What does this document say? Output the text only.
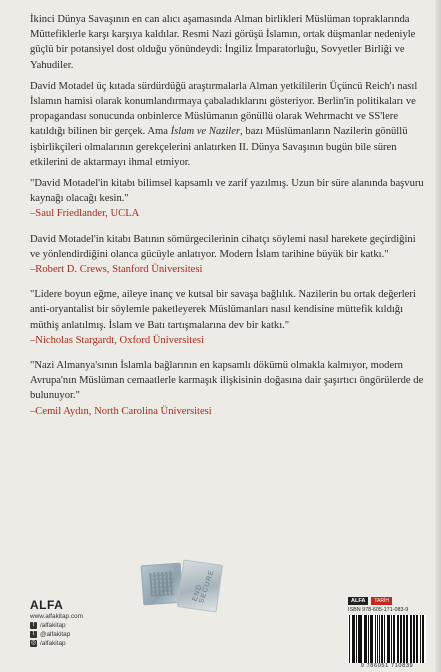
İkinci Dünya Savaşının en can alıcı aşamasında Alman birlikleri Müslüman topraklarında Müttefiklerle karşı karşıya kaldılar. Resmi Nazi görüşü İslamın, ortak düşmanlar nedeniyle güçlü bir potansiyel dost olduğu yönündeydi: İngiliz İmparatorluğu, Sovyetler Birliği ve Yahudiler.

David Motadel üç kıtada sürdürdüğü araştırmalarla Alman yetkililerin Üçüncü Reich'ı nasıl İslamın hamisi olarak konumlandırmaya çabaladıklarını gösteriyor. Berlin'in politikaları ve propagandası sonucunda onbinlerce Müslümanın gönüllü olarak Wehrmacht ve SS'lere katıldığı bilinen bir gerçek. Ama İslam ve Naziler, bazı Müslümanların Nazilerin gönüllü işbirlikçileri olmalarının gerekçelerini anlatırken II. Dünya Savaşının bugün bile süren etkilerini de aktarmayı ihmal etmiyor.

"David Motadel'in kitabı bilimsel kapsamlı ve zarif yazılmış. Uzun bir süre alanında başvuru kaynağı olacağı kesin."

–Saul Friedlander, UCLA

David Motadel'in kitabı Batının sömürgecilerinin cihatçı söylemi nasıl harekete geçirdiğini ve yönlendirdiğini olanca gücüyle anlatıyor. Modern İslam tarihine büyük bir katkı."

–Robert D. Crews, Stanford Üniversitesi

"Lidere boyun eğme, aileye inanç ve kutsal bir savaşa bağlılık. Nazilerin bu ortak değerleri anti-oryantalist bir söylemle paketleyerek Müslümanları nasıl kendisine müttefik kıldığı müthiş anlatılmış. İslam ve Batı tartışmalarına dev bir katkı."

–Nicholas Stargardt, Oxford Üniversitesi

"Nazi Almanya'sının İslamla bağlarının en kapsamlı dökümü olmakla kalmıyor, modern Avrupa'nın Müslüman cemaatlerle karmaşık ilişkisinin doğasına dair şaşırtıcı öngörülerde de bulunuyor."

–Cemil Aydın, North Carolina Üniversitesi

END SECURE
ALFA
www.alfakitap.com
f /alfakitap
t @alfakitap
◎ /alfakitap
ALFA	TARİH
ISBN 978-605-171-083-9
9 786051 710839
